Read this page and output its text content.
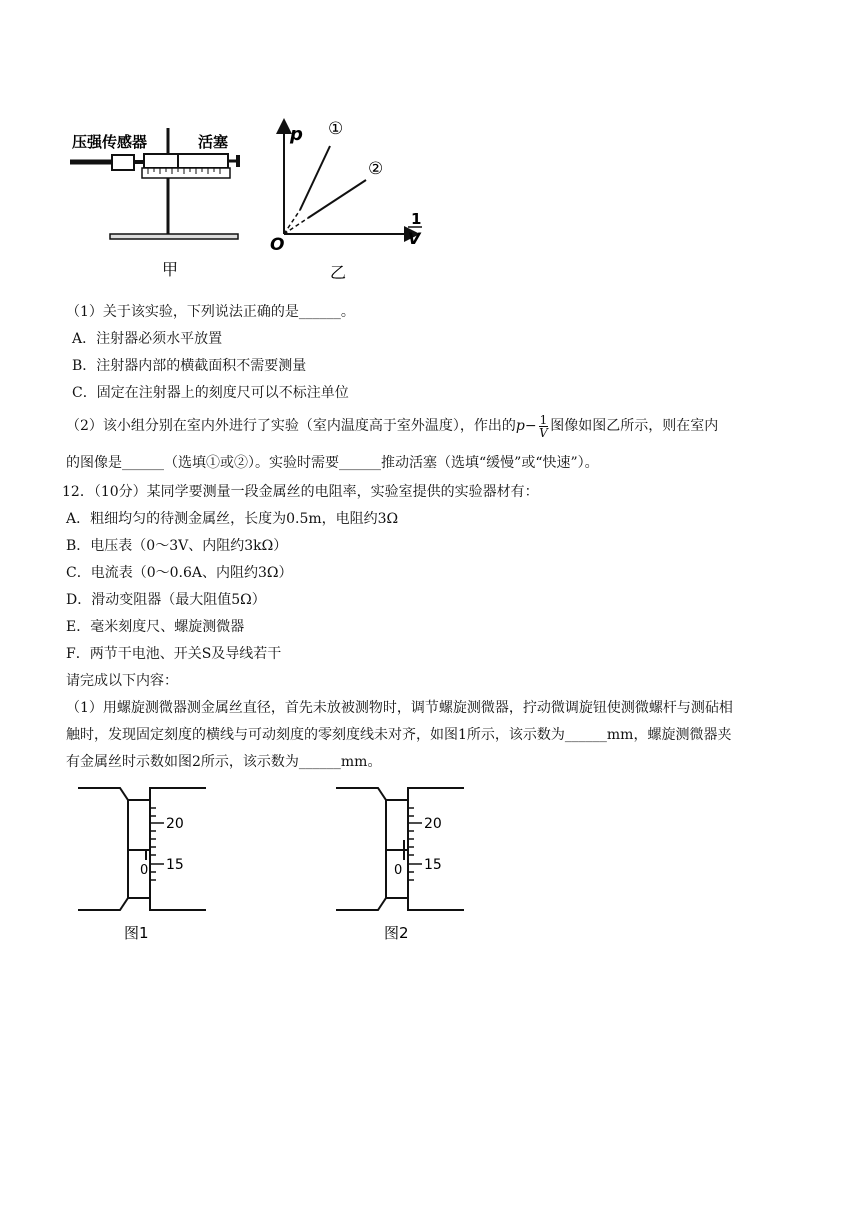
压强传感器	活塞
甲
p
O
1
V
①
②
乙
（1）关于该实验，下列说法正确的是______。
A．注射器必须水平放置
B．注射器内部的横截面积不需要测量
C．固定在注射器上的刻度尺可以不标注单位
（2）该小组分别在室内外进行了实验（室内温度高于室外温度），作出的$p- \frac{1}{V}$ 图像如图乙所示，则在室内
的图像是______（选填①或②）。实验时需要______推动活塞（选填“缓慢”或“快速”）。
12．（10分）某同学要测量一段金属丝的电阻率，实验室提供的实验器材有：
A．粗细均匀的待测金属丝，长度为0.5m，电阻约3Ω
B．电压表（0～3V、内阻约3kΩ）
C．电流表（0～0.6A、内阻约3Ω）
D．滑动变阻器（最大阻值5Ω）
E．毫米刻度尺、螺旋测微器
F．两节干电池、开关S及导线若干
请完成以下内容：
（1）用螺旋测微器测金属丝直径，首先未放被测物时，调节螺旋测微器，拧动微调旋钮使测微螺杆与测砧相
触时，发现固定刻度的横线与可动刻度的零刻度线未对齐，如图1所示，该示数为______mm，螺旋测微器夹
有金属丝时示数如图2所示，该示数为______mm。
20
15
0
图1
20
15
0
图2
